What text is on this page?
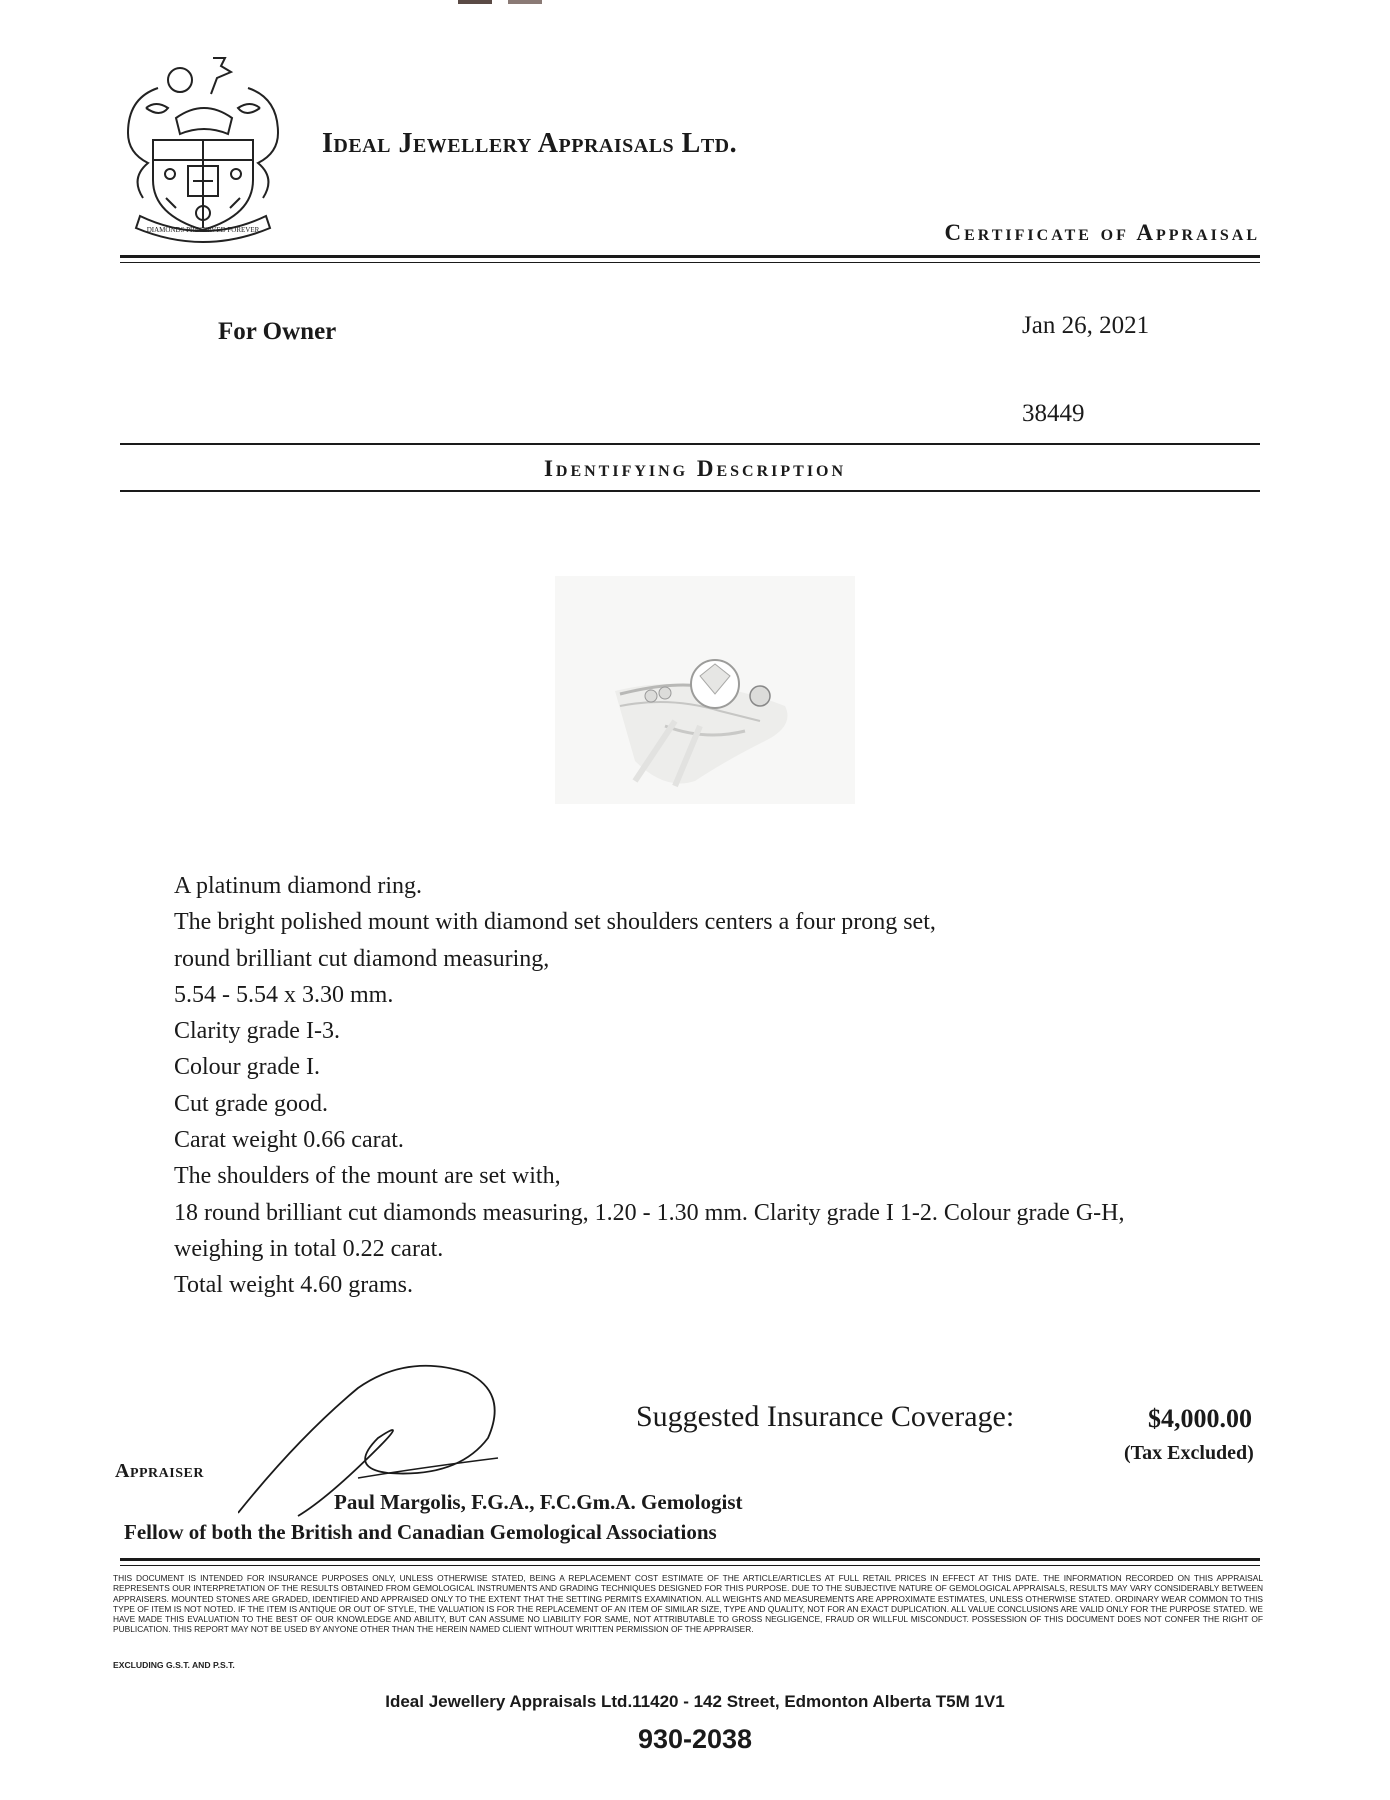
DIAMONDS PRESERVED FOREVER
Ideal Jewellery Appraisals Ltd.
Certificate of Appraisal
For Owner	Jan 26, 2021
38449
Identifying Description
A platinum diamond ring.
The bright polished mount with diamond set shoulders centers a four prong set,
round brilliant cut diamond measuring,
5.54 - 5.54 x 3.30 mm.
Clarity grade I-3.
Colour grade I.
Cut grade good.
Carat weight 0.66 carat.
The shoulders of the mount are set with,
18 round brilliant cut diamonds measuring, 1.20 - 1.30 mm. Clarity grade I 1-2. Colour grade G-H,
weighing in total 0.22 carat.
Total weight 4.60 grams.
Appraiser
Paul Margolis, F.G.A., F.C.Gm.A. Gemologist
Fellow of both the British and Canadian Gemological Associations
Suggested Insurance Coverage:	$4,000.00
(Tax Excluded)
THIS DOCUMENT IS INTENDED FOR INSURANCE PURPOSES ONLY, UNLESS OTHERWISE STATED, BEING A REPLACEMENT COST ESTIMATE OF THE ARTICLE/ARTICLES AT FULL RETAIL PRICES IN EFFECT AT THIS DATE. THE INFORMATION RECORDED ON THIS APPRAISAL REPRESENTS OUR INTERPRETATION OF THE RESULTS OBTAINED FROM GEMOLOGICAL INSTRUMENTS AND GRADING TECHNIQUES DESIGNED FOR THIS PURPOSE. DUE TO THE SUBJECTIVE NATURE OF GEMOLOGICAL APPRAISALS, RESULTS MAY VARY CONSIDERABLY BETWEEN APPRAISERS. MOUNTED STONES ARE GRADED, IDENTIFIED AND APPRAISED ONLY TO THE EXTENT THAT THE SETTING PERMITS EXAMINATION. ALL WEIGHTS AND MEASUREMENTS ARE APPROXIMATE ESTIMATES, UNLESS OTHERWISE STATED. ORDINARY WEAR COMMON TO THIS TYPE OF ITEM IS NOT NOTED. IF THE ITEM IS ANTIQUE OR OUT OF STYLE, THE VALUATION IS FOR THE REPLACEMENT OF AN ITEM OF SIMILAR SIZE, TYPE AND QUALITY, NOT FOR AN EXACT DUPLICATION. ALL VALUE CONCLUSIONS ARE VALID ONLY FOR THE PURPOSE STATED. WE HAVE MADE THIS EVALUATION TO THE BEST OF OUR KNOWLEDGE AND ABILITY, BUT CAN ASSUME NO LIABILITY FOR SAME, NOT ATTRIBUTABLE TO GROSS NEGLIGENCE, FRAUD OR WILLFUL MISCONDUCT. POSSESSION OF THIS DOCUMENT DOES NOT CONFER THE RIGHT OF PUBLICATION. THIS REPORT MAY NOT BE USED BY ANYONE OTHER THAN THE HEREIN NAMED CLIENT WITHOUT WRITTEN PERMISSION OF THE APPRAISER.
EXCLUDING G.S.T. AND P.S.T.
Ideal Jewellery Appraisals Ltd.11420 - 142 Street, Edmonton Alberta T5M 1V1
930-2038
